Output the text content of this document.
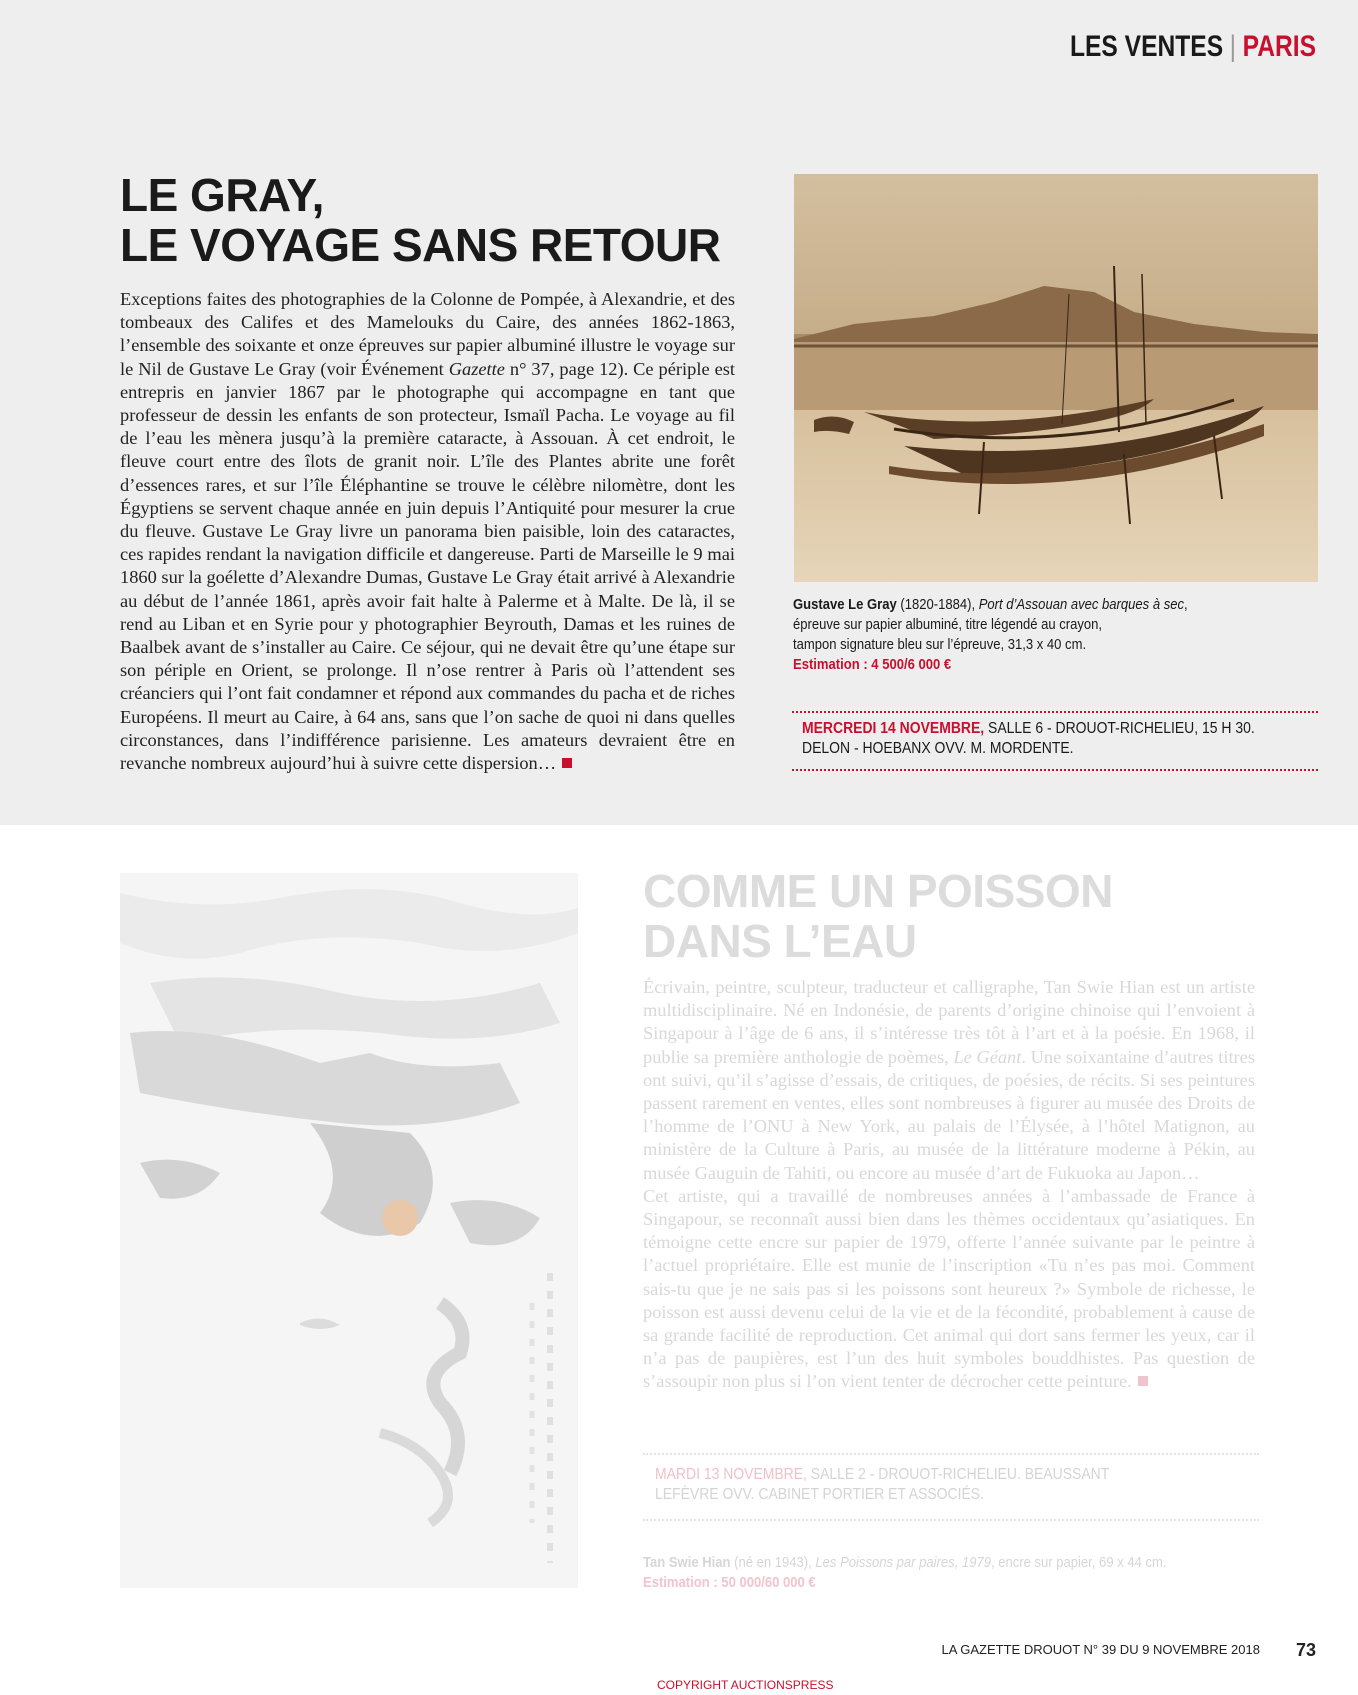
LES VENTES | PARIS
LE GRAY,
LE VOYAGE SANS RETOUR
Exceptions faites des photographies de la Colonne de Pompée, à Alexandrie, et des tombeaux des Califes et des Mamelouks du Caire, des années 1862-1863, l’ensemble des soixante et onze épreuves sur papier albuminé illustre le voyage sur le Nil de Gustave Le Gray (voir Événement Gazette n° 37, page 12). Ce périple est entrepris en janvier 1867 par le photographe qui accompagne en tant que professeur de dessin les enfants de son protecteur, Ismaïl Pacha. Le voyage au fil de l’eau les mènera jusqu’à la première cataracte, à Assouan. À cet endroit, le fleuve court entre des îlots de granit noir. L’île des Plantes abrite une forêt d’essences rares, et sur l’île Éléphantine se trouve le célèbre nilomètre, dont les Égyptiens se servent chaque année en juin depuis l’Antiquité pour mesurer la crue du fleuve. Gustave Le Gray livre un panorama bien paisible, loin des cataractes, ces rapides rendant la navigation difficile et dangereuse. Parti de Marseille le 9 mai 1860 sur la goélette d’Alexandre Dumas, Gustave Le Gray était arrivé à Alexandrie au début de l’année 1861, après avoir fait halte à Palerme et à Malte. De là, il se rend au Liban et en Syrie pour y photographier Beyrouth, Damas et les ruines de Baalbek avant de s’installer au Caire. Ce séjour, qui ne devait être qu’une étape sur son périple en Orient, se prolonge. Il n’ose rentrer à Paris où l’attendent ses créanciers qui l’ont fait condamner et répond aux commandes du pacha et de riches Européens. Il meurt au Caire, à 64 ans, sans que l’on sache de quoi ni dans quelles circonstances, dans l’indifférence parisienne. Les amateurs devraient être en revanche nombreux aujourd’hui à suivre cette dispersion…
Gustave Le Gray (1820-1884), Port d’Assouan avec barques à sec,
épreuve sur papier albuminé, titre légendé au crayon,
tampon signature bleu sur l’épreuve, 31,3 x 40 cm.
Estimation : 4 500/6 000 €
MERCREDI 14 NOVEMBRE, SALLE 6 - DROUOT-RICHELIEU, 15 H 30.
DELON - HOEBANX OVV. M. MORDENTE.
COMME UN POISSON
DANS L’EAU

Écrivain, peintre, sculpteur, traducteur et calligraphe, Tan Swie Hian est un artiste multidisciplinaire. Né en Indonésie, de parents d’origine chinoise qui l’envoient à Singapour à l’âge de 6 ans, il s’intéresse très tôt à l’art et à la poésie. En 1968, il publie sa première anthologie de poèmes, Le Géant. Une soixantaine d’autres titres ont suivi, qu’il s’agisse d’essais, de critiques, de poésies, de récits. Si ses peintures passent rarement en ventes, elles sont nombreuses à figurer au musée des Droits de l’homme de l’ONU à New York, au palais de l’Élysée, à l’hôtel Matignon, au ministère de la Culture à Paris, au musée de la littérature moderne à Pékin, au musée Gauguin de Tahiti, ou encore au musée d’art de Fukuoka au Japon…

Cet artiste, qui a travaillé de nombreuses années à l’ambassade de France à Singapour, se reconnaît aussi bien dans les thèmes occidentaux qu’asiatiques. En témoigne cette encre sur papier de 1979, offerte l’année suivante par le peintre à l’actuel propriétaire. Elle est munie de l’inscription «Tu n’es pas moi. Comment sais-tu que je ne sais pas si les poissons sont heureux ?» Symbole de richesse, le poisson est aussi devenu celui de la vie et de la fécondité, probablement à cause de sa grande facilité de reproduction. Cet animal qui dort sans fermer les yeux, car il n’a pas de paupières, est l’un des huit symboles bouddhistes. Pas question de s’assoupir non plus si l’on vient tenter de décrocher cette peinture.

MARDI 13 NOVEMBRE, SALLE 2 - DROUOT-RICHELIEU. BEAUSSANT
LEFÈVRE OVV. CABINET PORTIER ET ASSOCIÉS.
Tan Swie Hian (né en 1943), Les Poissons par paires, 1979, encre sur papier, 69 x 44 cm.
Estimation : 50 000/60 000 €
LA GAZETTE DROUOT N° 39 DU 9 NOVEMBRE 2018 73
COPYRIGHT AUCTIONSPRESS
